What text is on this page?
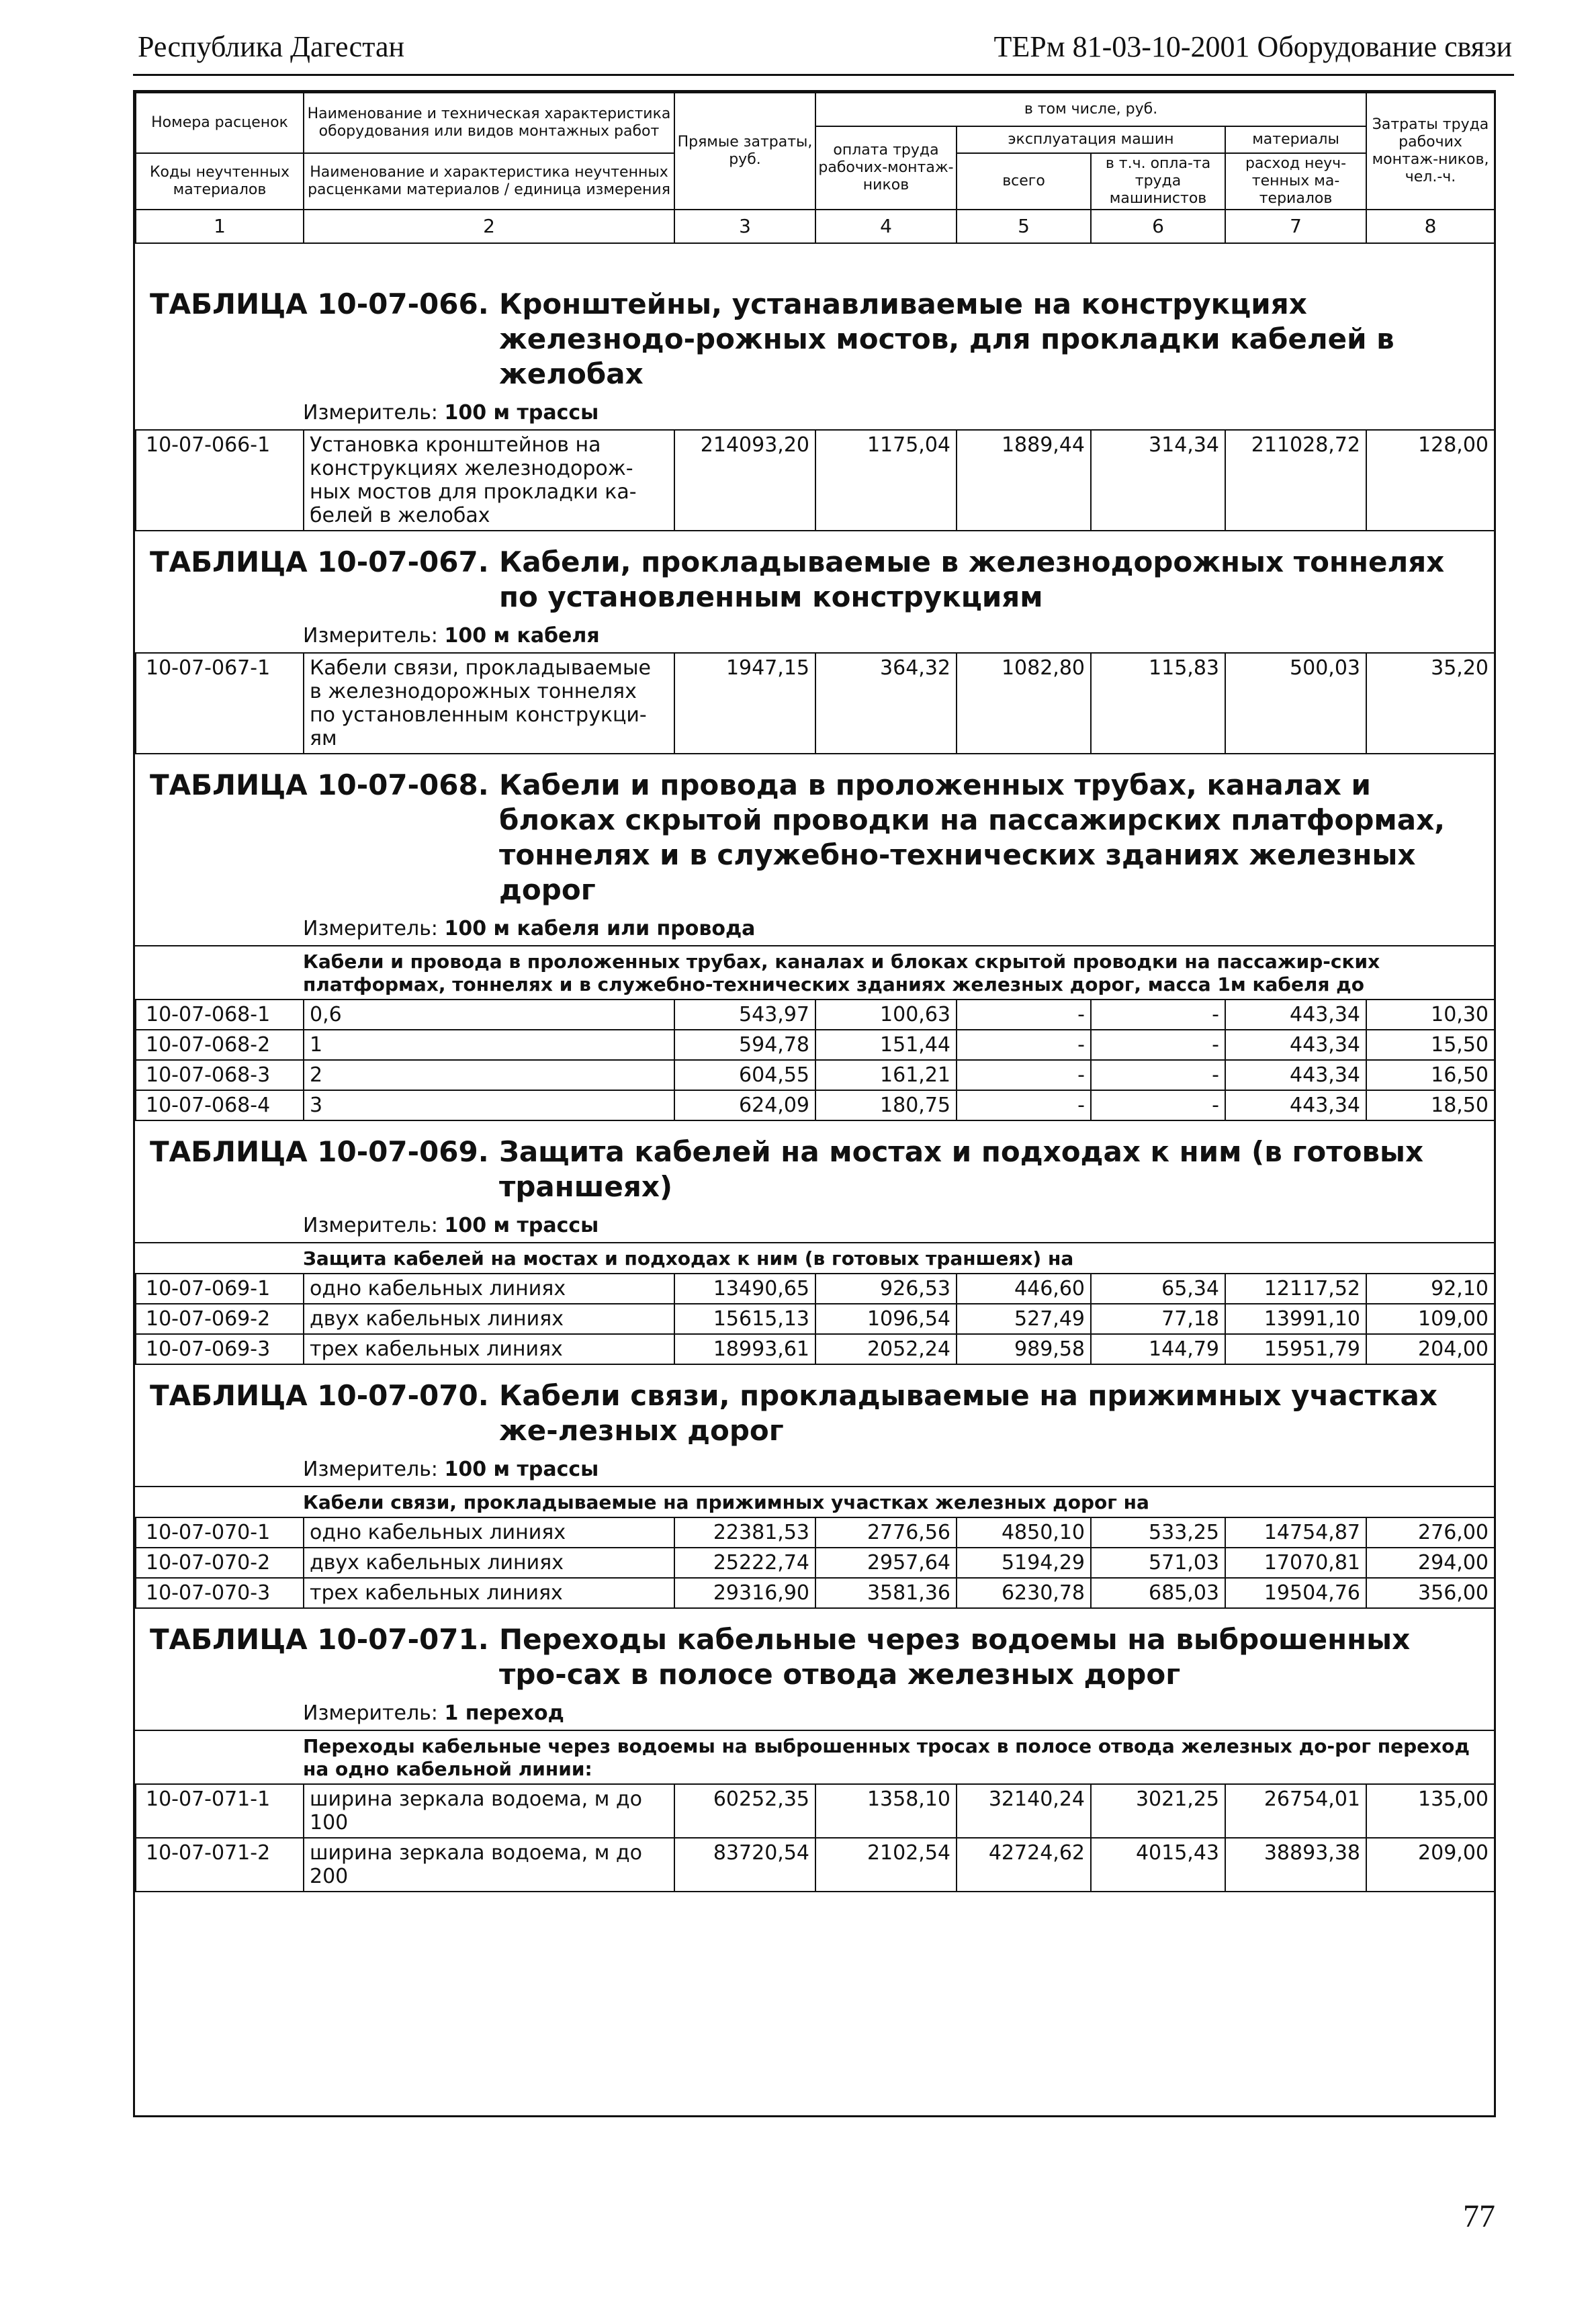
Республика Дагестан	ТЕРм 81-03-10-2001 Оборудование связи
Номера расценок	Наименование и техническая характеристика оборудования или видов монтажных работ	Прямые затраты, руб.	в том числе, руб.				Затраты труда рабочих монтаж-ников, чел.-ч.
			оплата труда рабочих-монтаж-ников	эксплуатация машин		материалы	
Коды неучтенных материалов	Наименование и характеристика неучтенных расценками материалов / единица измерения			всего	в т.ч. опла-та труда машинистов	расход неуч-тенных ма-териалов	

1	2	3	4	5	6	7	8
ТАБЛИЦА 10-07-066. Кронштейны, устанавливаемые на конструкциях железнодо-рожных мостов, для прокладки кабелей в желобах
Измеритель: 100 м трассы
10-07-066-1	Установка кронштейнов на конструкциях железнодорож-ных мостов для прокладки ка-белей в желобах	214093,20	1175,04	1889,44	314,34	211028,72	128,00
ТАБЛИЦА 10-07-067. Кабели, прокладываемые в железнодорожных тоннелях по установленным конструкциям
Измеритель: 100 м кабеля
10-07-067-1	Кабели связи, прокладываемые в железнодорожных тоннелях по установленным конструкци-ям	1947,15	364,32	1082,80	115,83	500,03	35,20
ТАБЛИЦА 10-07-068. Кабели и провода в проложенных трубах, каналах и блоках скрытой проводки на пассажирских платформах, тоннелях и в служебно-технических зданиях железных дорог
Измеритель: 100 м кабеля или провода
Кабели и провода в проложенных трубах, каналах и блоках скрытой проводки на пассажир-ских платформах, тоннелях и в служебно-технических зданиях железных дорог, масса 1м кабеля до
10-07-068-1	0,6	543,97	100,63	-	-	443,34	10,30
10-07-068-2	1	594,78	151,44	-	-	443,34	15,50
10-07-068-3	2	604,55	161,21	-	-	443,34	16,50
10-07-068-4	3	624,09	180,75	-	-	443,34	18,50
ТАБЛИЦА 10-07-069. Защита кабелей на мостах и подходах к ним (в готовых траншеях)
Измеритель: 100 м трассы
Защита кабелей на мостах и подходах к ним (в готовых траншеях) на
10-07-069-1	одно кабельных линиях	13490,65	926,53	446,60	65,34	12117,52	92,10
10-07-069-2	двух кабельных линиях	15615,13	1096,54	527,49	77,18	13991,10	109,00
10-07-069-3	трех кабельных линиях	18993,61	2052,24	989,58	144,79	15951,79	204,00
ТАБЛИЦА 10-07-070. Кабели связи, прокладываемые на прижимных участках же-лезных дорог
Измеритель: 100 м трассы
Кабели связи, прокладываемые на прижимных участках железных дорог на
10-07-070-1	одно кабельных линиях	22381,53	2776,56	4850,10	533,25	14754,87	276,00
10-07-070-2	двух кабельных линиях	25222,74	2957,64	5194,29	571,03	17070,81	294,00
10-07-070-3	трех кабельных линиях	29316,90	3581,36	6230,78	685,03	19504,76	356,00
ТАБЛИЦА 10-07-071. Переходы кабельные через водоемы на выброшенных тро-сах в полосе отвода железных дорог
Измеритель: 1 переход
Переходы кабельные через водоемы на выброшенных тросах в полосе отвода железных до-рог переход на одно кабельной линии:
10-07-071-1	ширина зеркала водоема, м до 100	60252,35	1358,10	32140,24	3021,25	26754,01	135,00
10-07-071-2	ширина зеркала водоема, м до 200	83720,54	2102,54	42724,62	4015,43	38893,38	209,00
77
